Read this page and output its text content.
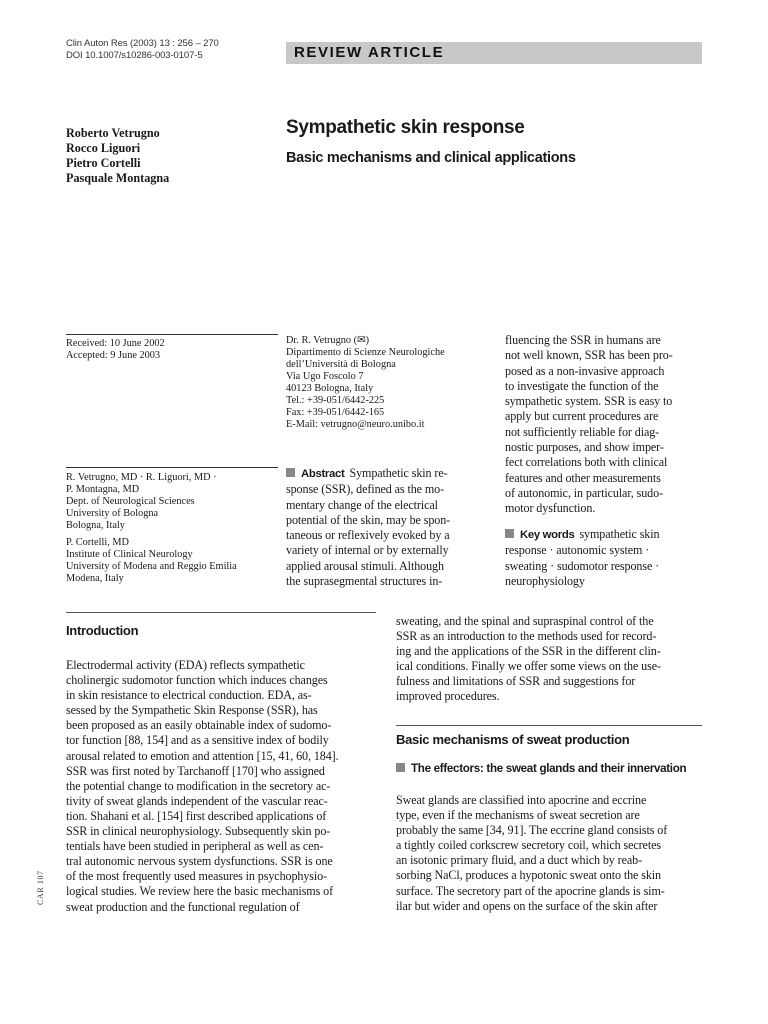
Clin Auton Res (2003) 13 : 256 – 270
DOI 10.1007/s10286-003-0107-5	REVIEW ARTICLE
Roberto Vetrugno
Rocco Liguori
Pietro Cortelli
Pasquale Montagna
Sympathetic skin response
Basic mechanisms and clinical applications
Received: 10 June 2002
Accepted: 9 June 2003
Dr. R. Vetrugno (✉)
Dipartimento di Scienze Neurologiche
dell’Università di Bologna
Via Ugo Foscolo 7
40123 Bologna, Italy
Tel.: +39-051/6442-225
Fax: +39-051/6442-165
E-Mail: vetrugno@neuro.unibo.it
R. Vetrugno, MD · R. Liguori, MD ·
P. Montagna, MD
Dept. of Neurological Sciences
University of Bologna
Bologna, Italy
P. Cortelli, MD
Institute of Clinical Neurology
University of Modena and Reggio Emilia
Modena, Italy
Abstract Sympathetic skin re-
sponse (SSR), defined as the mo-
mentary change of the electrical
potential of the skin, may be spon-
taneous or reflexively evoked by a
variety of internal or by externally
applied arousal stimuli. Although
the suprasegmental structures in-
fluencing the SSR in humans are
not well known, SSR has been pro-
posed as a non-invasive approach
to investigate the function of the
sympathetic system. SSR is easy to
apply but current procedures are
not sufficiently reliable for diag-
nostic purposes, and show imper-
fect correlations both with clinical
features and other measurements
of autonomic, in particular, sudo-
motor dysfunction.
Key words sympathetic skin
response · autonomic system ·
sweating · sudomotor response ·
neurophysiology
Introduction
Electrodermal activity (EDA) reflects sympathetic
cholinergic sudomotor function which induces changes
in skin resistance to electrical conduction. EDA, as-
sessed by the Sympathetic Skin Response (SSR), has
been proposed as an easily obtainable index of sudomo-
tor function [88, 154] and as a sensitive index of bodily
arousal related to emotion and attention [15, 41, 60, 184].
SSR was first noted by Tarchanoff [170] who assigned
the potential change to modification in the secretory ac-
tivity of sweat glands independent of the vascular reac-
tion. Shahani et al. [154] first described applications of
SSR in clinical neurophysiology. Subsequently skin po-
tentials have been studied in peripheral as well as cen-
tral autonomic nervous system dysfunctions. SSR is one
of the most frequently used measures in psychophysio-
logical studies. We review here the basic mechanisms of
sweat production and the functional regulation of
sweating, and the spinal and supraspinal control of the
SSR as an introduction to the methods used for record-
ing and the applications of the SSR in the different clin-
ical conditions. Finally we offer some views on the use-
fulness and limitations of SSR and suggestions for
improved procedures.
Basic mechanisms of sweat production
The effectors: the sweat glands and their innervation
Sweat glands are classified into apocrine and eccrine
type, even if the mechanisms of sweat secretion are
probably the same [34, 91]. The eccrine gland consists of
a tightly coiled corkscrew secretory coil, which secretes
an isotonic primary fluid, and a duct which by reab-
sorbing NaCl, produces a hypotonic sweat onto the skin
surface. The secretory part of the apocrine glands is sim-
ilar but wider and opens on the surface of the skin after
CAR 107
